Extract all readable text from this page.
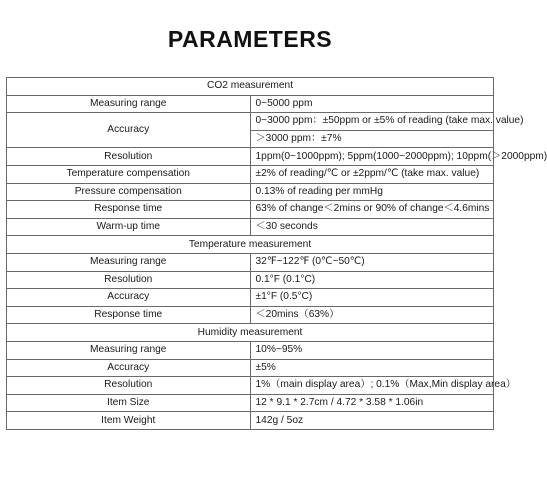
PARAMETERS
CO2 measurement	
Measuring range	0~5000 ppm
Accuracy	0~3000 ppm：±50ppm or ±5% of reading (take max. value)
	＞3000 ppm：±7%
Resolution	1ppm(0~1000ppm); 5ppm(1000~2000ppm); 10ppm(＞2000ppm)
Temperature compensation	±2% of reading/℃ or ±2ppm/℃ (take max. value)
Pressure compensation	0.13% of reading per mmHg
Response time	63% of change＜2mins or 90% of change＜4.6mins
Warm-up time	＜30 seconds
Temperature measurement	
Measuring range	32℉~122℉ (0℃~50℃)
Resolution	0.1°F (0.1°C)
Accuracy	±1°F (0.5°C)
Response time	＜20mins（63%）
Humidity measurement	
Measuring range	10%~95%
Accuracy	±5%
Resolution	1%（main display area）; 0.1%（Max,Min display area）
Item Size	12 * 9.1 * 2.7cm / 4.72 * 3.58 * 1.06in
Item Weight	142g / 5oz
